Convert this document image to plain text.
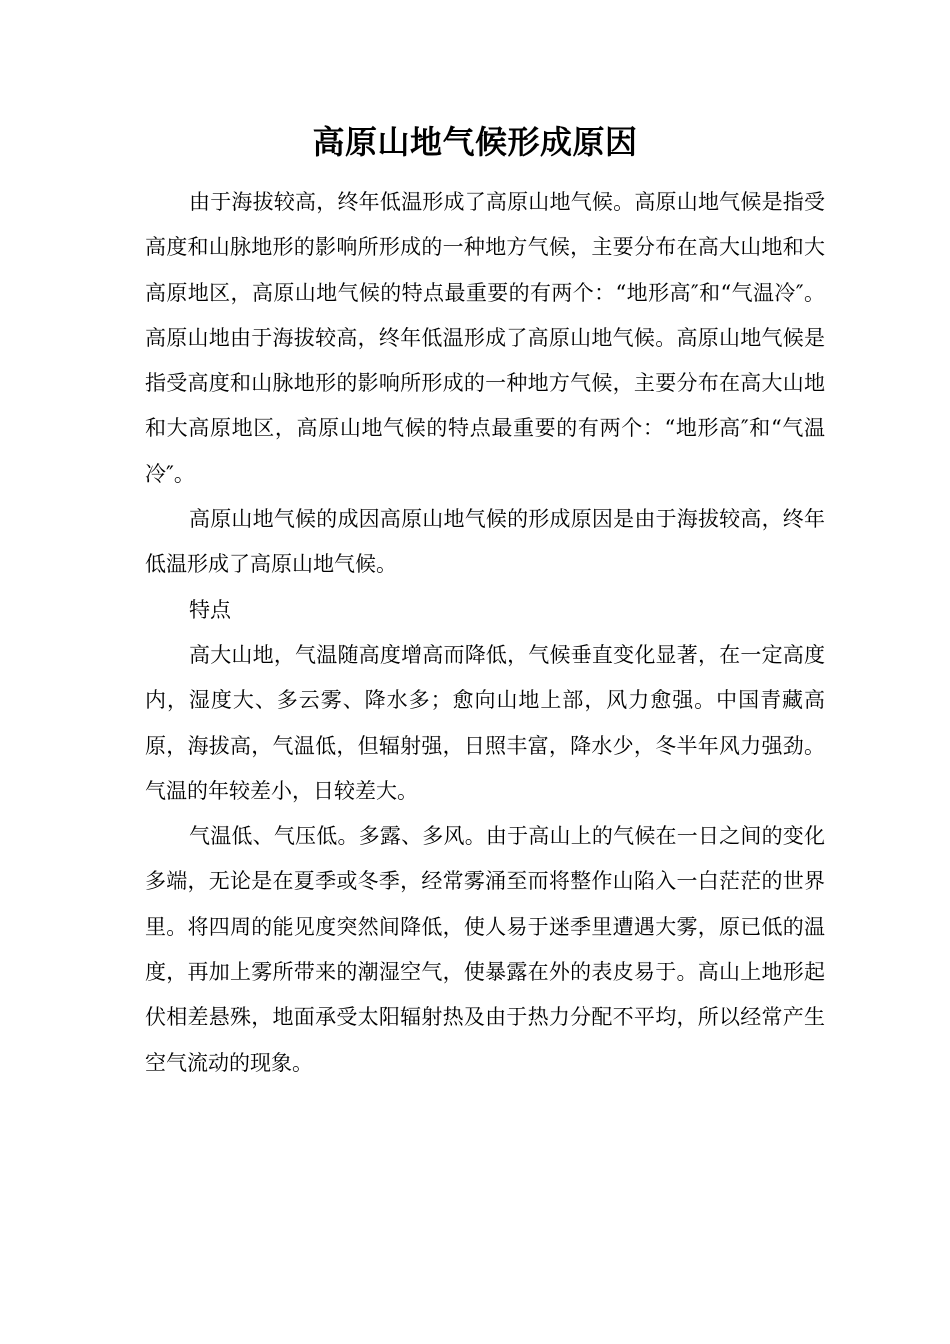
高原山地气候形成原因

由于海拔较高，终年低温形成了高原山地气候。高原山地气候是指受高度和山脉地形的影响所形成的一种地方气候，主要分布在高大山地和大高原地区，高原山地气候的特点最重要的有两个：“地形高″和“气温冷″。高原山地由于海拔较高，终年低温形成了高原山地气候。高原山地气候是指受高度和山脉地形的影响所形成的一种地方气候，主要分布在高大山地和大高原地区，高原山地气候的特点最重要的有两个：“地形高″和“气温冷″。

高原山地气候的成因高原山地气候的形成原因是由于海拔较高，终年低温形成了高原山地气候。

特点

高大山地，气温随高度增高而降低，气候垂直变化显著，在一定高度内，湿度大、多云雾、降水多；愈向山地上部，风力愈强。中国青藏高原，海拔高，气温低，但辐射强，日照丰富，降水少，冬半年风力强劲。气温的年较差小，日较差大。

气温低、气压低。多露、多风。由于高山上的气候在一日之间的变化多端，无论是在夏季或冬季，经常雾涌至而将整作山陷入一白茫茫的世界里。将四周的能见度突然间降低，使人易于迷季里遭遇大雾，原已低的温度，再加上雾所带来的潮湿空气，使暴露在外的表皮易于。高山上地形起伏相差悬殊，地面承受太阳辐射热及由于热力分配不平均，所以经常产生空气流动的现象。
